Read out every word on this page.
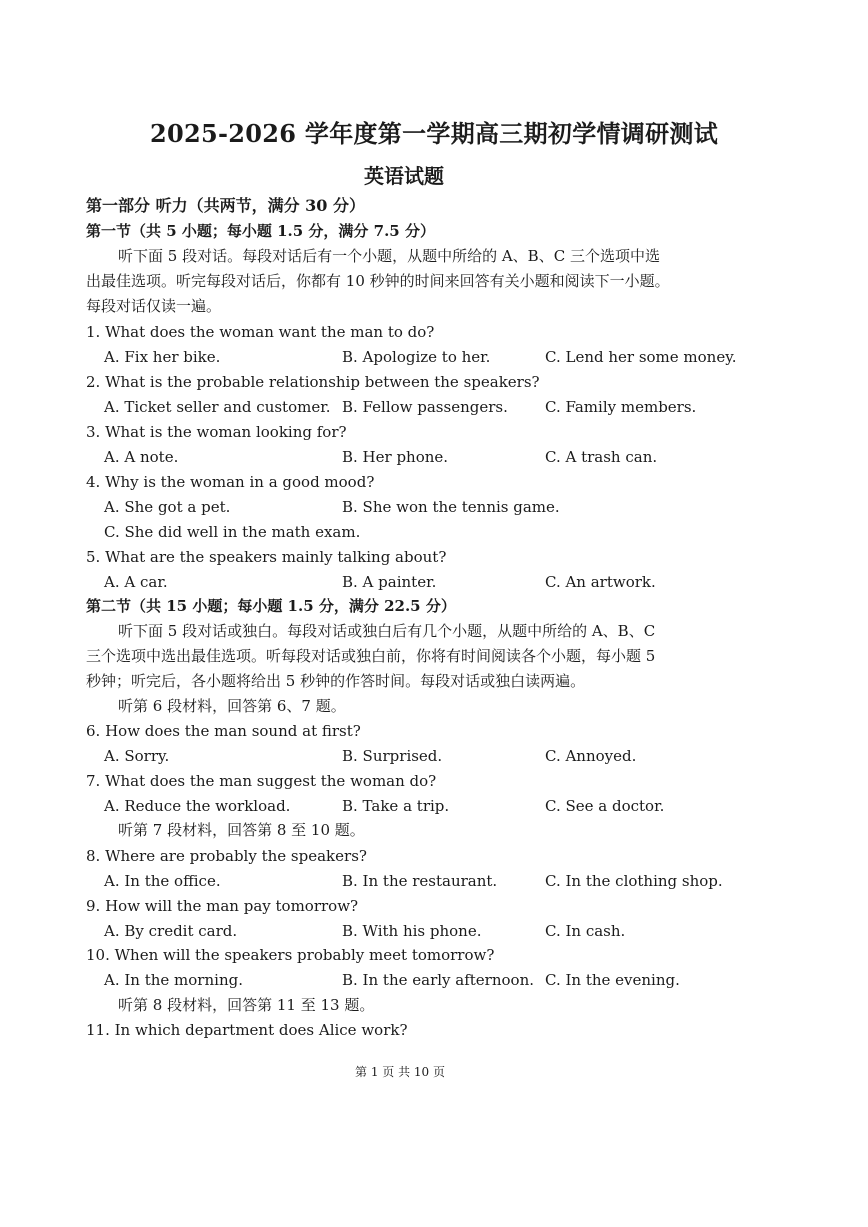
2025-2026 学年度第一学期高三期初学情调研测试
英语试题
第一部分 听力（共两节，满分 30 分）
第一节（共 5 小题；每小题 1.5 分，满分 7.5 分）
听下面 5 段对话。每段对话后有一个小题，从题中所给的 A、B、C 三个选项中选
出最佳选项。听完每段对话后，你都有 10 秒钟的时间来回答有关小题和阅读下一小题。
每段对话仅读一遍。
1. What does the woman want the man to do?
A. Fix her bike.	B. Apologize to her.	C. Lend her some money.
2. What is the probable relationship between the speakers?
A. Ticket seller and customer. B. Fellow passengers. C. Family members.
3. What is the woman looking for?
A. A note.	B. Her phone.	C. A trash can.
4. Why is the woman in a good mood?
A. She got a pet.	B. She won the tennis game.
C. She did well in the math exam.
5. What are the speakers mainly talking about?
A. A car.	B. A painter.	C. An artwork.
第二节（共 15 小题；每小题 1.5 分，满分 22.5 分）
听下面 5 段对话或独白。每段对话或独白后有几个小题，从题中所给的 A、B、C
三个选项中选出最佳选项。听每段对话或独白前，你将有时间阅读各个小题，每小题 5
秒钟；听完后，各小题将给出 5 秒钟的作答时间。每段对话或独白读两遍。
听第 6 段材料，回答第 6、7 题。
6. How does the man sound at first?
A. Sorry.	B. Surprised.	C. Annoyed.
7. What does the man suggest the woman do?
A. Reduce the workload.	B. Take a trip.	C. See a doctor.
听第 7 段材料，回答第 8 至 10 题。
8. Where are probably the speakers?
A. In the office.	B. In the restaurant.	C. In the clothing shop.
9. How will the man pay tomorrow?
A. By credit card.	B. With his phone.	C. In cash.
10. When will the speakers probably meet tomorrow?
A. In the morning.	B. In the early afternoon. C. In the evening.
听第 8 段材料，回答第 11 至 13 题。
11. In which department does Alice work?
第 1 页 共 10 页
